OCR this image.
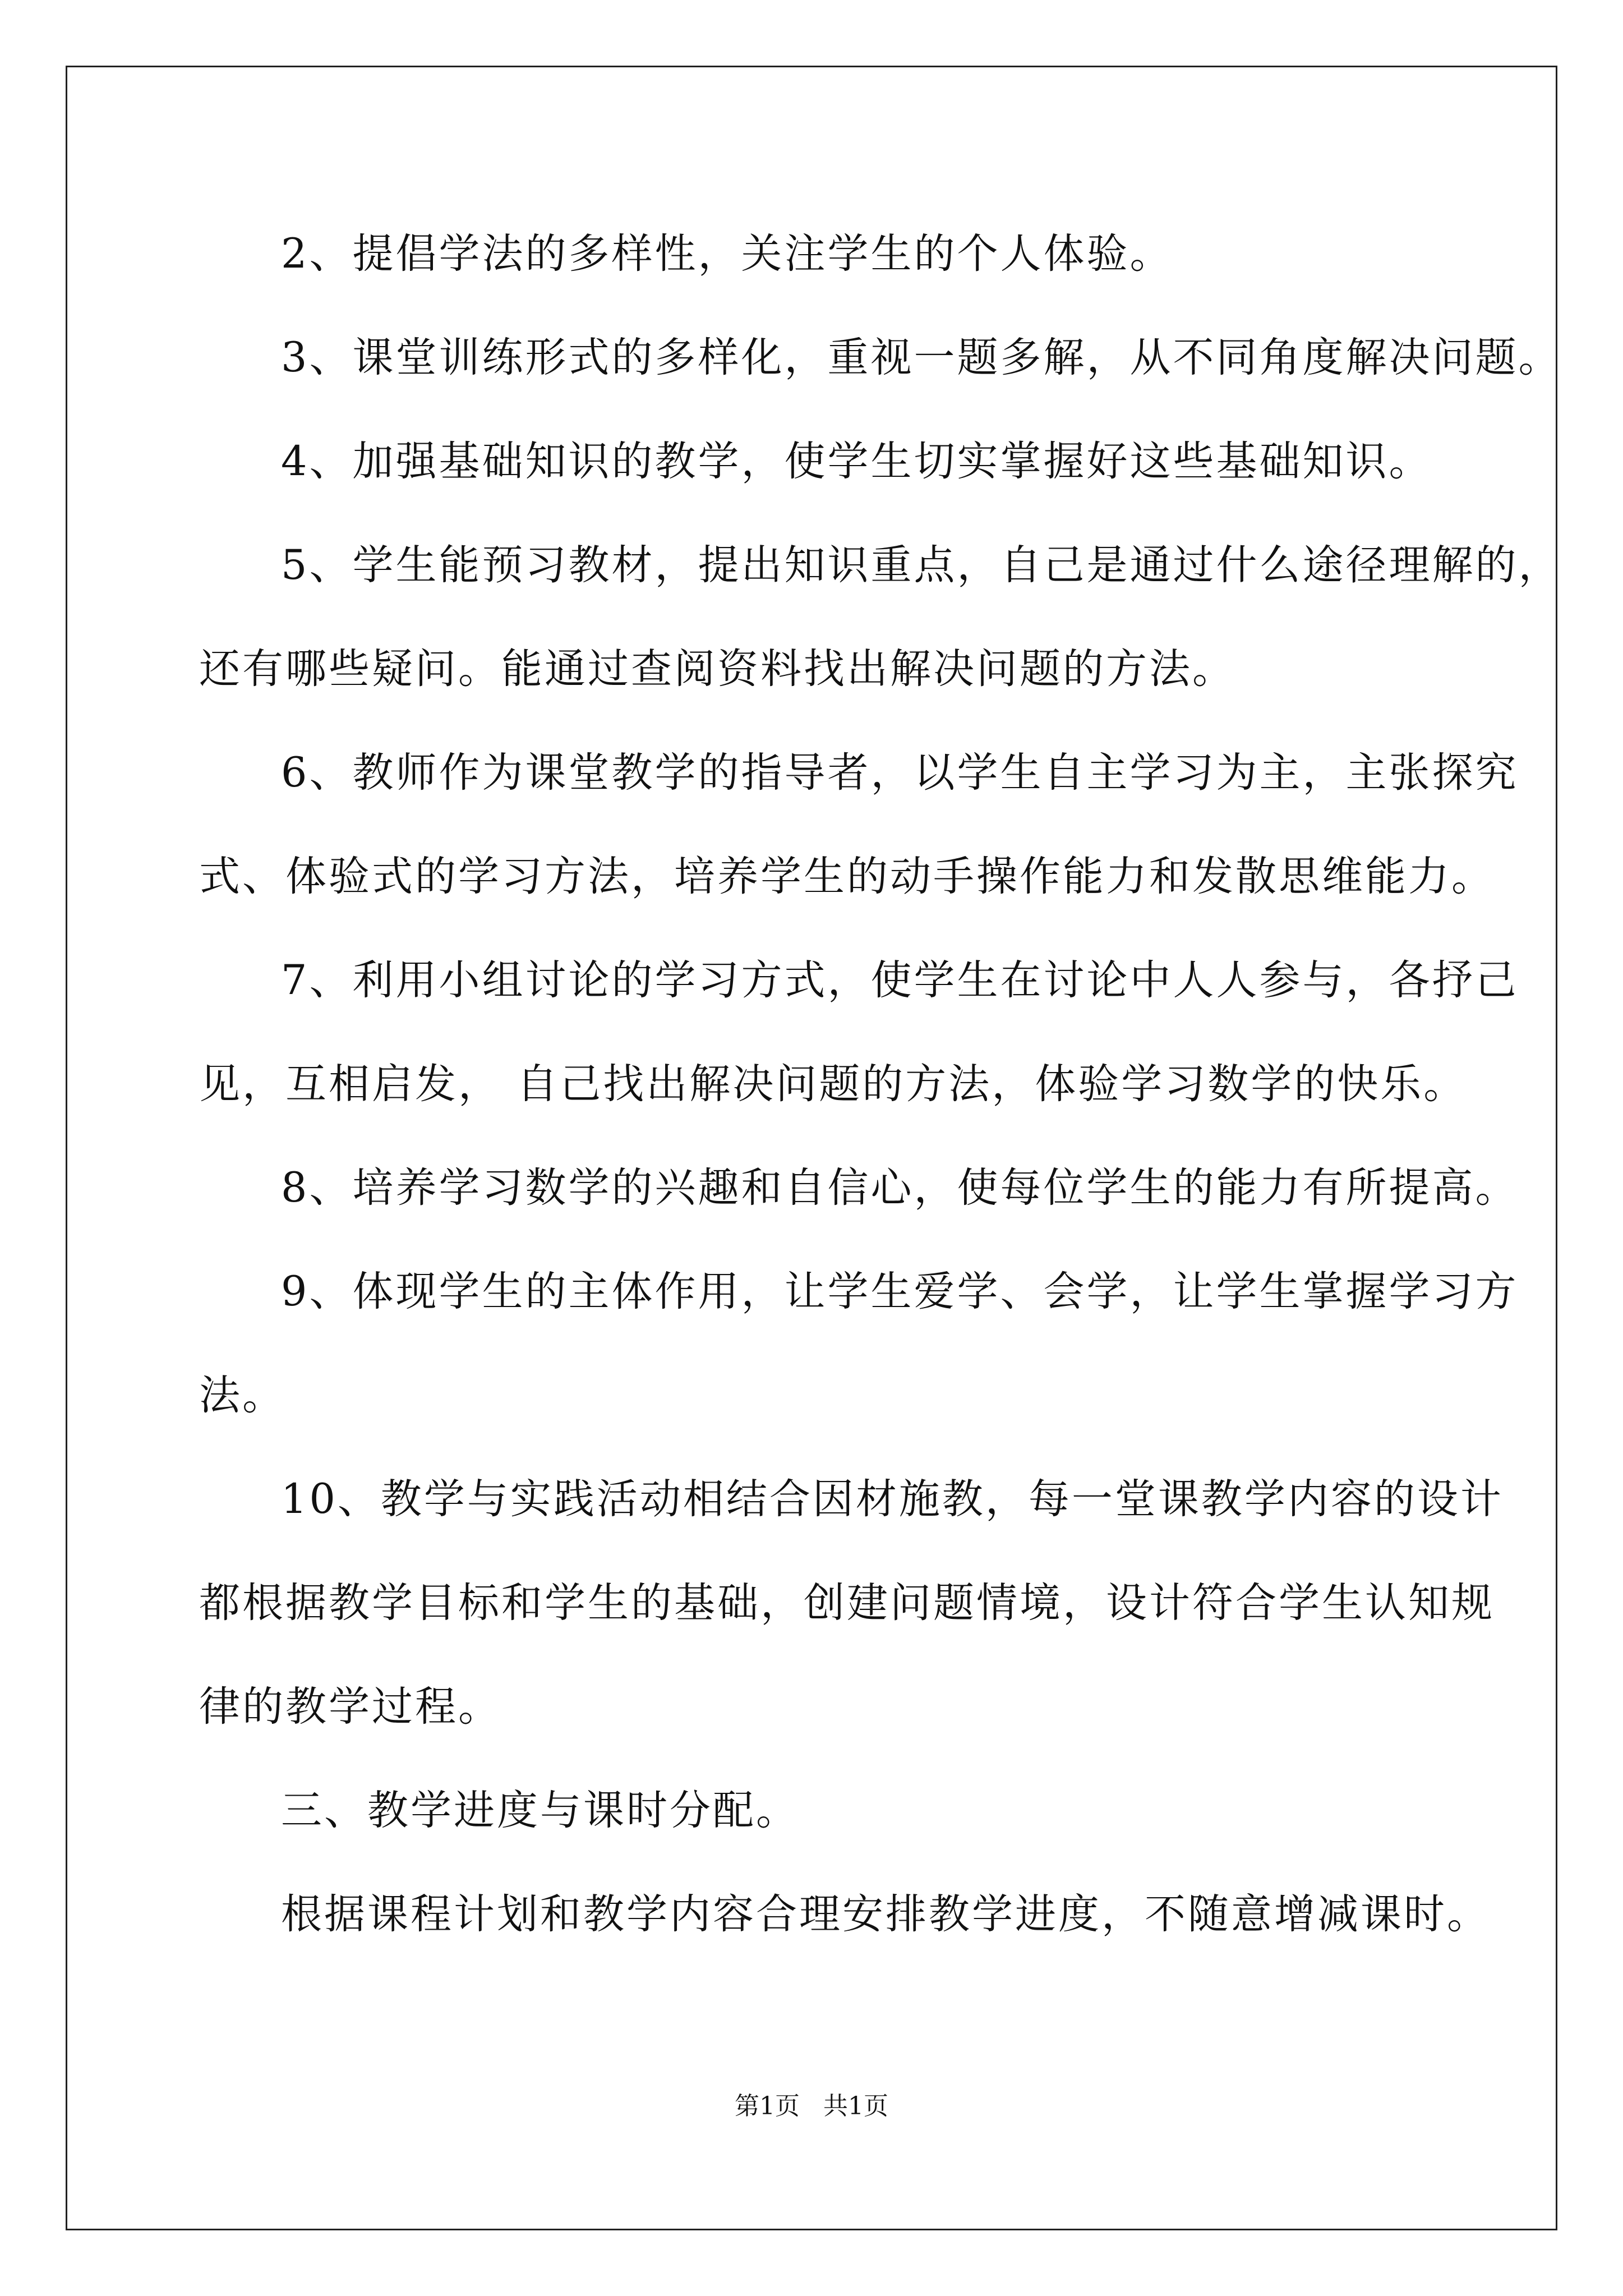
2、提倡学法的多样性，关注学生的个人体验。
3、课堂训练形式的多样化，重视一题多解，从不同角度解决问题。
4、加强基础知识的教学，使学生切实掌握好这些基础知识。
5、学生能预习教材，提出知识重点，自己是通过什么途径理解的，
还有哪些疑问。能通过查阅资料找出解决问题的方法。
6、教师作为课堂教学的指导者，以学生自主学习为主，主张探究
式、体验式的学习方法，培养学生的动手操作能力和发散思维能力。
7、利用小组讨论的学习方式，使学生在讨论中人人参与，各抒己
见，互相启发， 自己找出解决问题的方法，体验学习数学的快乐。
8、培养学习数学的兴趣和自信心，使每位学生的能力有所提高。
9、体现学生的主体作用，让学生爱学、会学，让学生掌握学习方
法。
10、教学与实践活动相结合因材施教，每一堂课教学内容的设计
都根据教学目标和学生的基础，创建问题情境，设计符合学生认知规
律的教学过程。
三、教学进度与课时分配。
根据课程计划和教学内容合理安排教学进度，不随意增减课时。
第1页   共1页
